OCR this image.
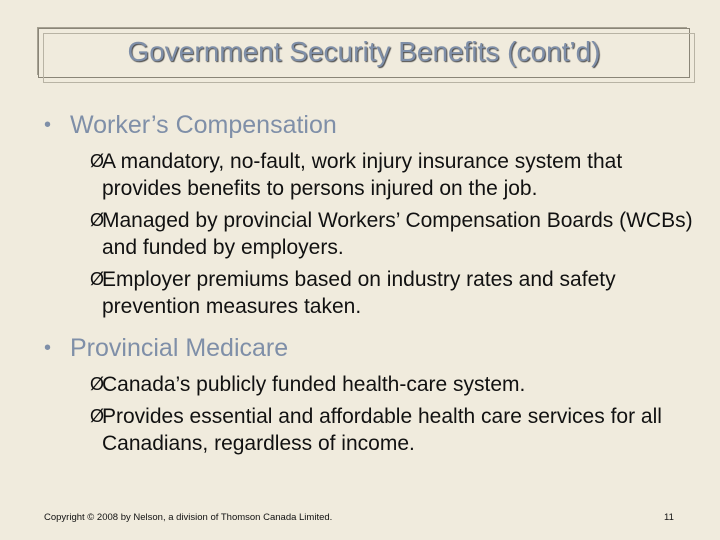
Government Security Benefits (cont’d)
• Worker’s Compensation
Ø
A mandatory, no-fault, work injury insurance system that provides benefits to persons injured on the job.
Ø
Managed by provincial Workers’ Compensation Boards (WCBs) and funded by employers.
Ø
Employer premiums based on industry rates and safety prevention measures taken.
• Provincial Medicare
Ø
Canada’s publicly funded health-care system.
Ø
Provides essential and affordable health care services for all Canadians, regardless of income.
Copyright © 2008 by Nelson, a division of Thomson Canada Limited.	11
